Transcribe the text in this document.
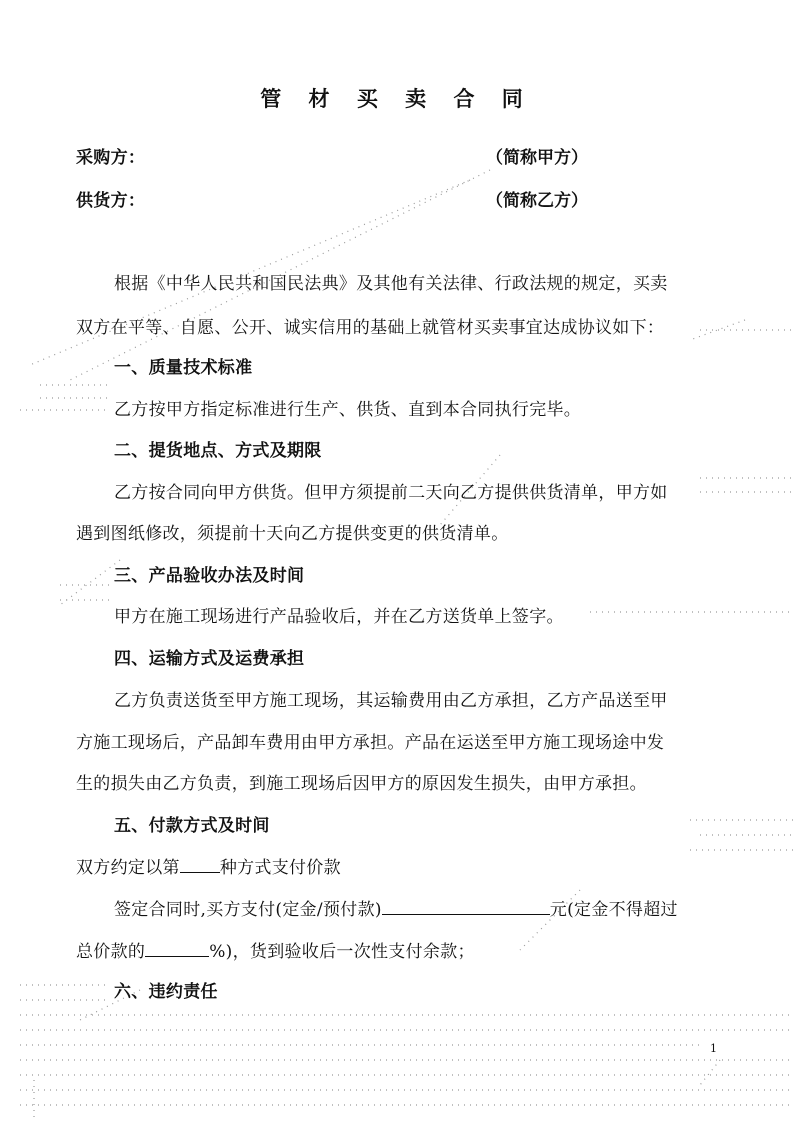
管 材 买 卖 合 同
采购方：	（简称甲方）
供货方：	（简称乙方）
根据《中华人民共和国民法典》及其他有关法律、行政法规的规定，买卖
双方在平等、自愿、公开、诚实信用的基础上就管材买卖事宜达成协议如下：
一、质量技术标准
乙方按甲方指定标准进行生产、供货、直到本合同执行完毕。
二、提货地点、方式及期限
乙方按合同向甲方供货。但甲方须提前二天向乙方提供供货清单，甲方如
遇到图纸修改，须提前十天向乙方提供变更的供货清单。
三、产品验收办法及时间
甲方在施工现场进行产品验收后，并在乙方送货单上签字。
四、运输方式及运费承担
乙方负责送货至甲方施工现场，其运输费用由乙方承担，乙方产品送至甲
方施工现场后，产品卸车费用由甲方承担。产品在运送至甲方施工现场途中发
生的损失由乙方负责，到施工现场后因甲方的原因发生损失，由甲方承担。
五、付款方式及时间
双方约定以第 种方式支付价款
签定合同时,买方支付(定金/预付款)	元(定金不得超过
总价款的	%)，货到验收后一次性支付余款；
六、违约责任
1
